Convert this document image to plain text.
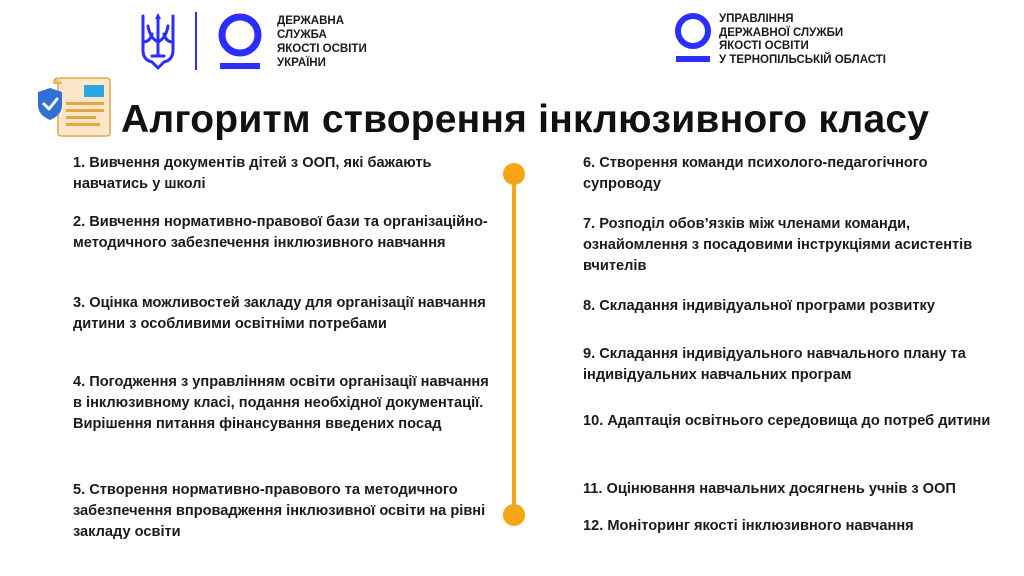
ДЕРЖАВНА
СЛУЖБА
ЯКОСТІ ОСВІТИ
УКРАЇНИ
УПРАВЛІННЯ
ДЕРЖАВНОЇ СЛУЖБИ
ЯКОСТІ ОСВІТИ
У ТЕРНОПІЛЬСЬКІЙ ОБЛАСТІ
Алгоритм створення інклюзивного класу
1. Вивчення документів дітей з ООП, які бажають навчатись у школі
2. Вивчення нормативно-правової бази та організаційно-методичного забезпечення інклюзивного навчання
3. Оцінка можливостей закладу для організації навчання дитини з особливими освітніми потребами
4. Погодження з управлінням освіти організації навчання в інклюзивному класі, подання необхідної документації. Вирішення питання фінансування введених посад
5. Створення нормативно-правового та методичного забезпечення впровадження інклюзивної освіти на рівні закладу освіти
6. Створення команди психолого-педагогічного супроводу
7. Розподіл обов’язків між членами команди, ознайомлення з посадовими інструкціями асистентів вчителів
8. Складання індивідуальної програми розвитку
9. Складання індивідуального навчального плану та індивідуальних навчальних програм
10. Адаптація освітнього середовища до потреб дитини
11. Оцінювання навчальних досягнень учнів з ООП
12. Моніторинг якості інклюзивного навчання
